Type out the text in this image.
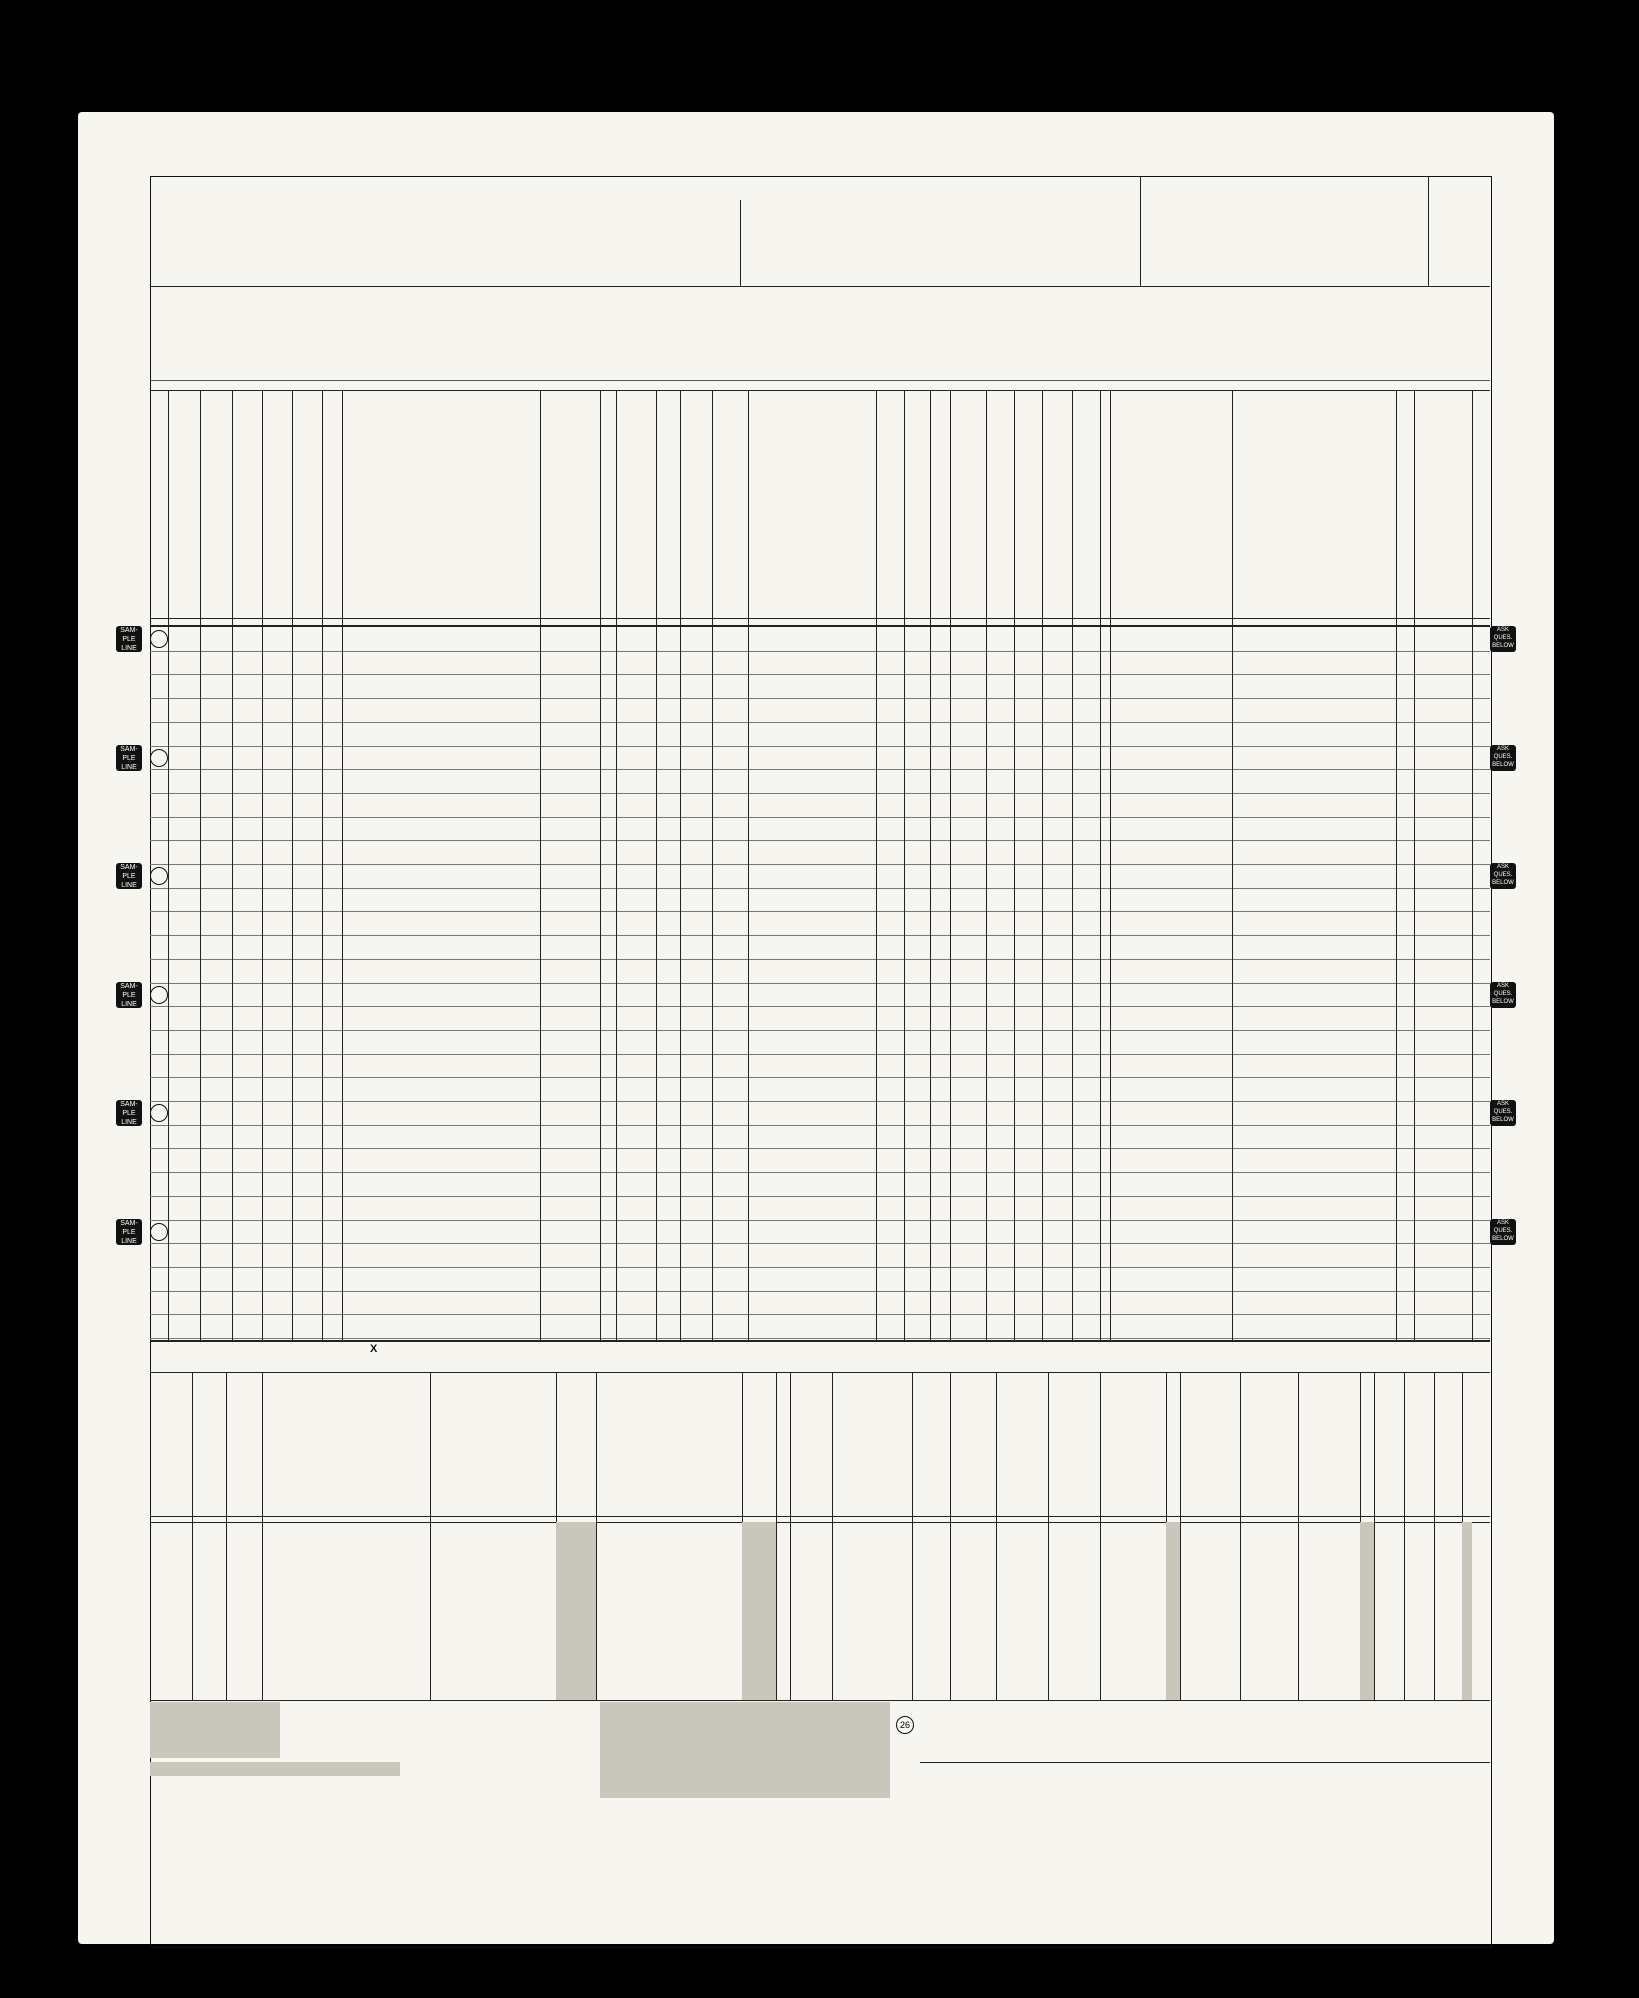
SAM-
PLE
LINE
ASK
QUES.
BELOW
SAM-
PLE
LINE
ASK
QUES.
BELOW
SAM-
PLE
LINE
ASK
QUES.
BELOW
SAM-
PLE
LINE
ASK
QUES.
BELOW
SAM-
PLE
LINE
ASK
QUES.
BELOW
SAM-
PLE
LINE
ASK
QUES.
BELOW
X
26
